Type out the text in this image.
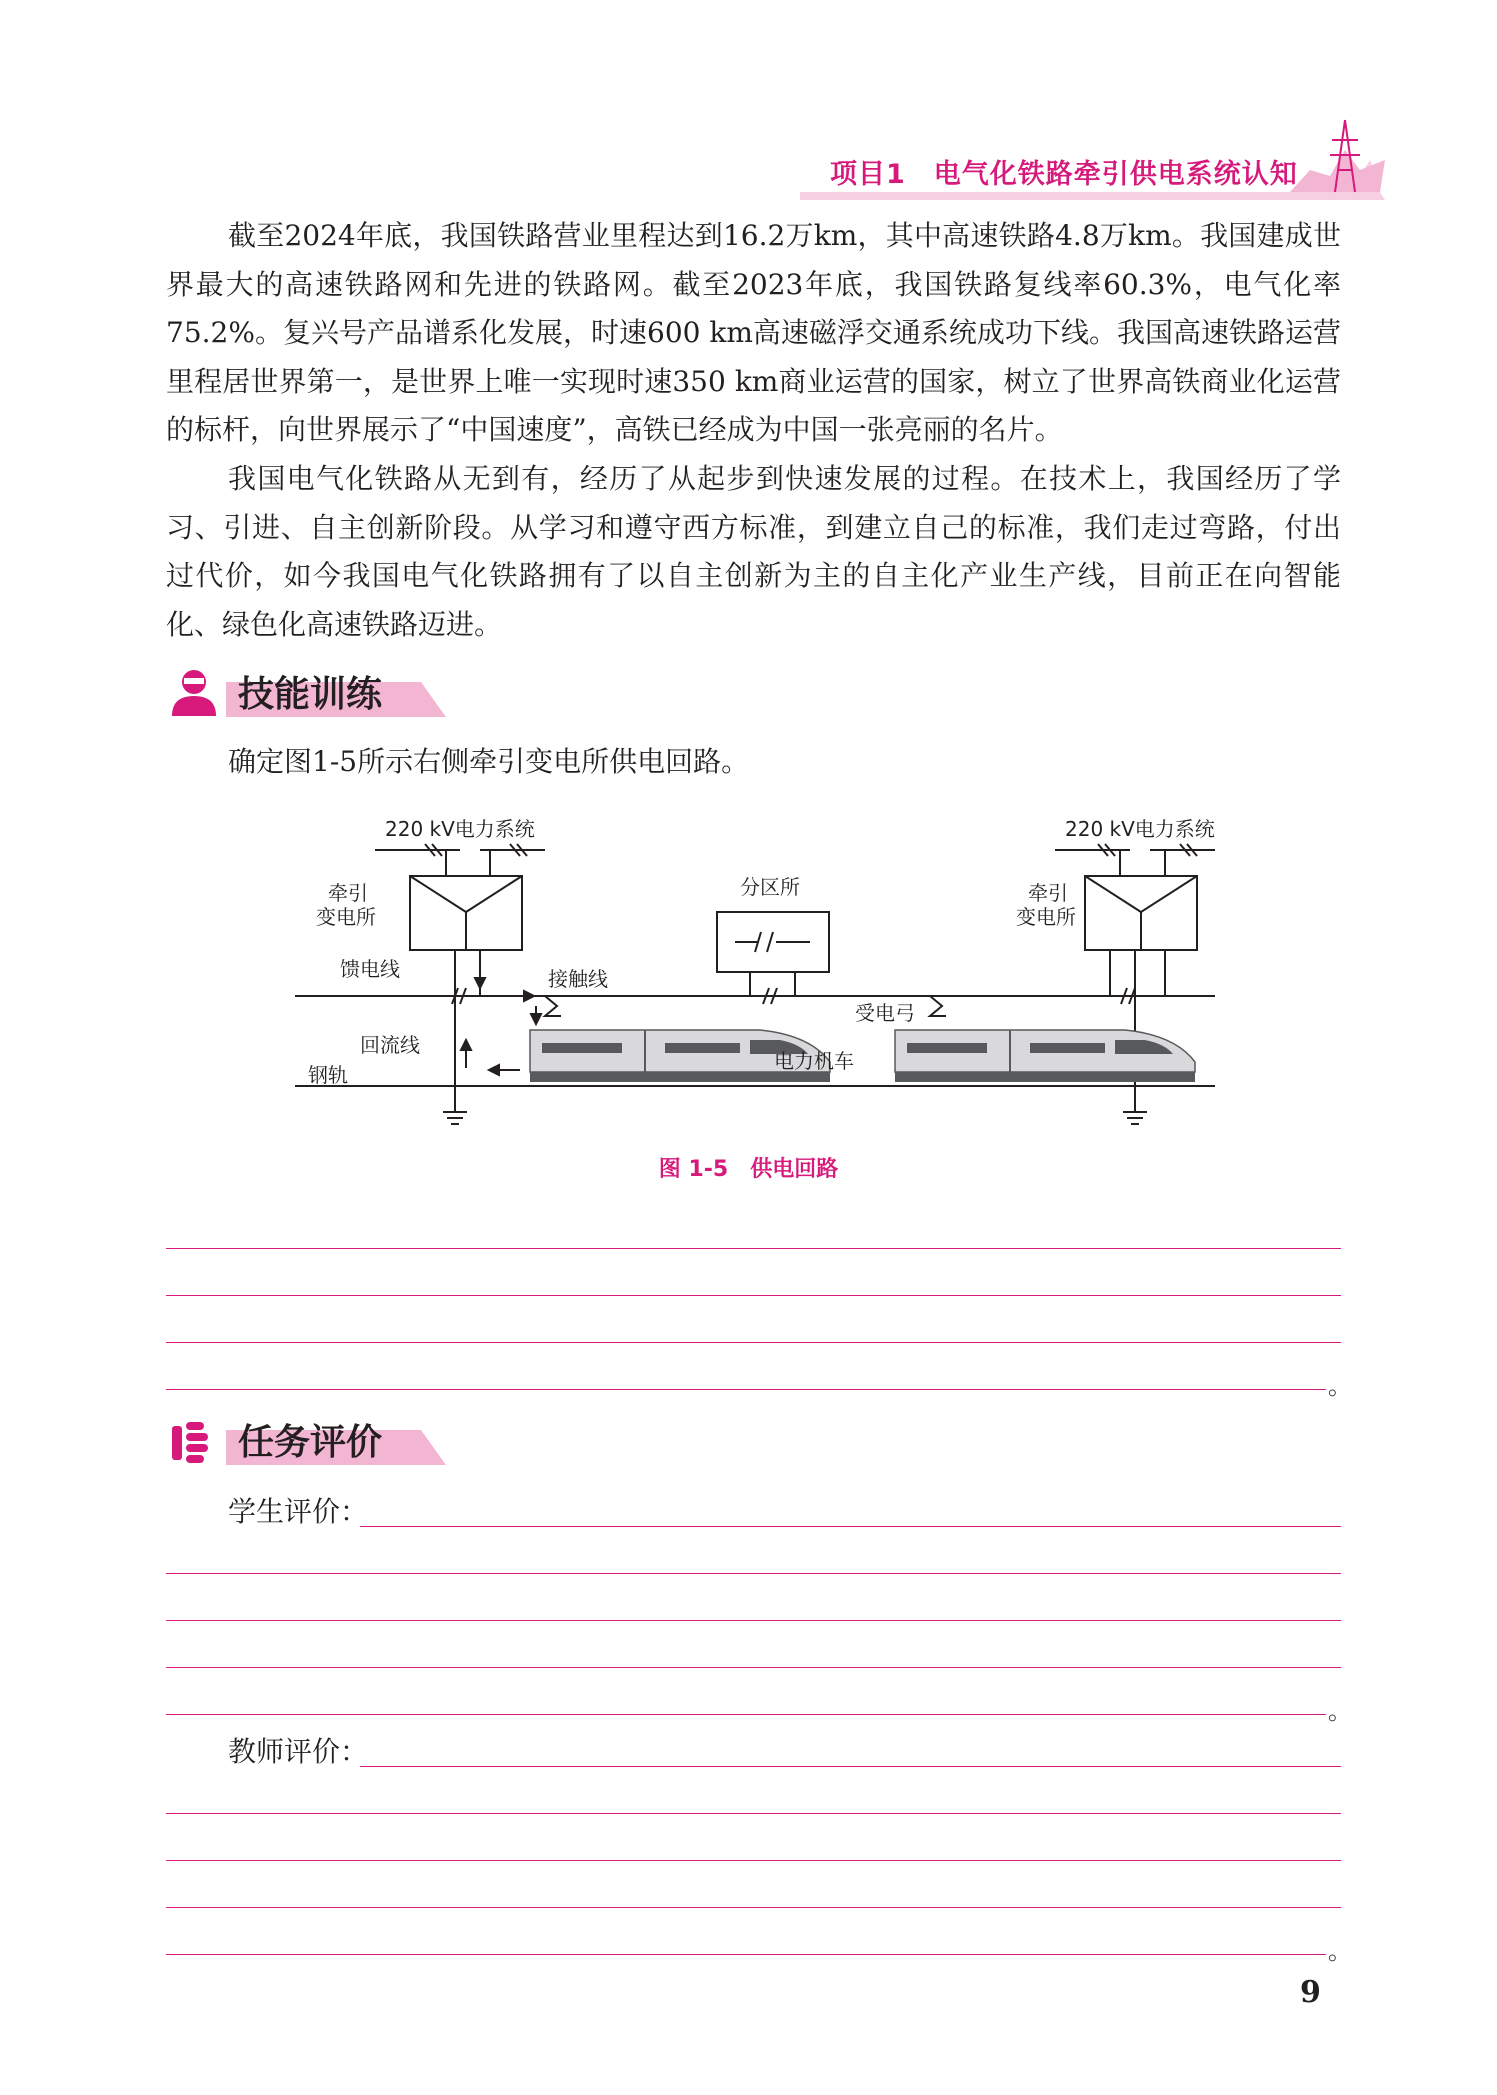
项目1　电气化铁路牵引供电系统认知

截至2024年底，我国铁路营业里程达到16.2万km，其中高速铁路4.8万km。我国建成世界最大的高速铁路网和先进的铁路网。截至2023年底，我国铁路复线率60.3%，电气化率75.2%。复兴号产品谱系化发展，时速600 km高速磁浮交通系统成功下线。我国高速铁路运营里程居世界第一，是世界上唯一实现时速350 km商业运营的国家，树立了世界高铁商业化运营的标杆，向世界展示了“中国速度”，高铁已经成为中国一张亮丽的名片。

我国电气化铁路从无到有，经历了从起步到快速发展的过程。在技术上，我国经历了学习、引进、自主创新阶段。从学习和遵守西方标准，到建立自己的标准，我们走过弯路，付出过代价，如今我国电气化铁路拥有了以自主创新为主的自主化产业生产线，目前正在向智能化、绿色化高速铁路迈进。

技能训练
确定图1-5所示右侧牵引变电所供电回路。
220 kV电力系统	220 kV电力系统
牵引
变电所
牵引
变电所
分区所
馈电线	接触线
受电弓
回流线
钢轨
电力机车
图 1-5　供电回路
。
任务评价
学生评价：
。
教师评价：
。
9
